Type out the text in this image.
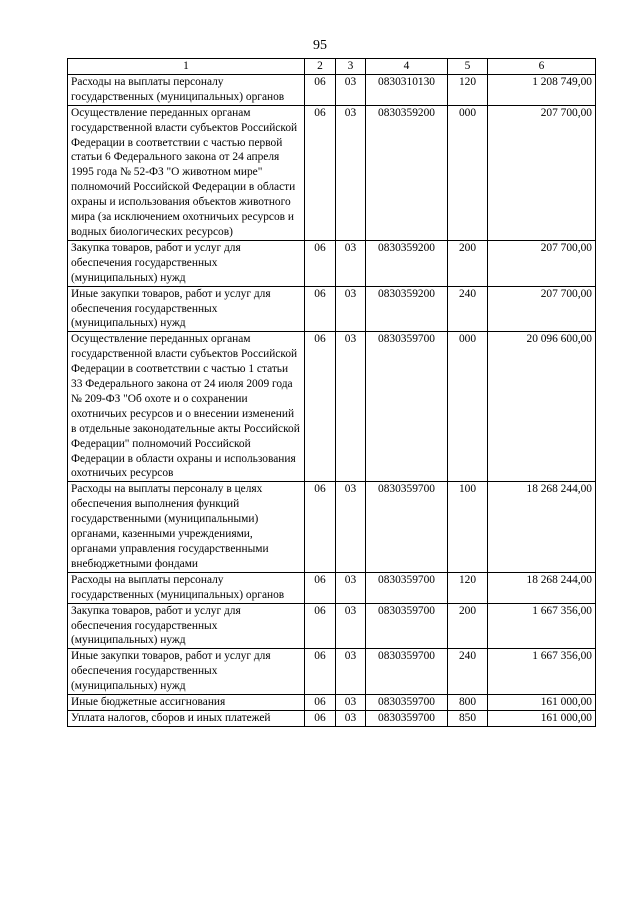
95
1	2	3	4	5	6
Расходы на выплаты персоналу государственных (муниципальных) органов	06	03	0830310130	120	1 208 749,00
Осуществление переданных органам государственной власти субъектов Российской Федерации в соответствии с частью первой статьи 6 Федерального закона от 24 апреля 1995 года № 52-ФЗ "О животном мире" полномочий Российской Федерации в области охраны и использования объектов животного мира (за исключением охотничьих ресурсов и водных биологических ресурсов)	06	03	0830359200	000	207 700,00
Закупка товаров, работ и услуг для обеспечения государственных (муниципальных) нужд	06	03	0830359200	200	207 700,00
Иные закупки товаров, работ и услуг для обеспечения государственных (муниципальных) нужд	06	03	0830359200	240	207 700,00
Осуществление переданных органам государственной власти субъектов Российской Федерации в соответствии с частью 1 статьи 33 Федерального закона от 24 июля 2009 года № 209-ФЗ "Об охоте и о сохранении охотничьих ресурсов и о внесении изменений в отдельные законодательные акты Российской Федерации" полномочий Российской Федерации в области охраны и использования охотничьих ресурсов	06	03	0830359700	000	20 096 600,00
Расходы на выплаты персоналу в целях обеспечения выполнения функций государственными (муниципальными) органами, казенными учреждениями, органами управления государственными внебюджетными фондами	06	03	0830359700	100	18 268 244,00
Расходы на выплаты персоналу государственных (муниципальных) органов	06	03	0830359700	120	18 268 244,00
Закупка товаров, работ и услуг для обеспечения государственных (муниципальных) нужд	06	03	0830359700	200	1 667 356,00
Иные закупки товаров, работ и услуг для обеспечения государственных (муниципальных) нужд	06	03	0830359700	240	1 667 356,00
Иные бюджетные ассигнования	06	03	0830359700	800	161 000,00
Уплата налогов, сборов и иных платежей	06	03	0830359700	850	161 000,00
